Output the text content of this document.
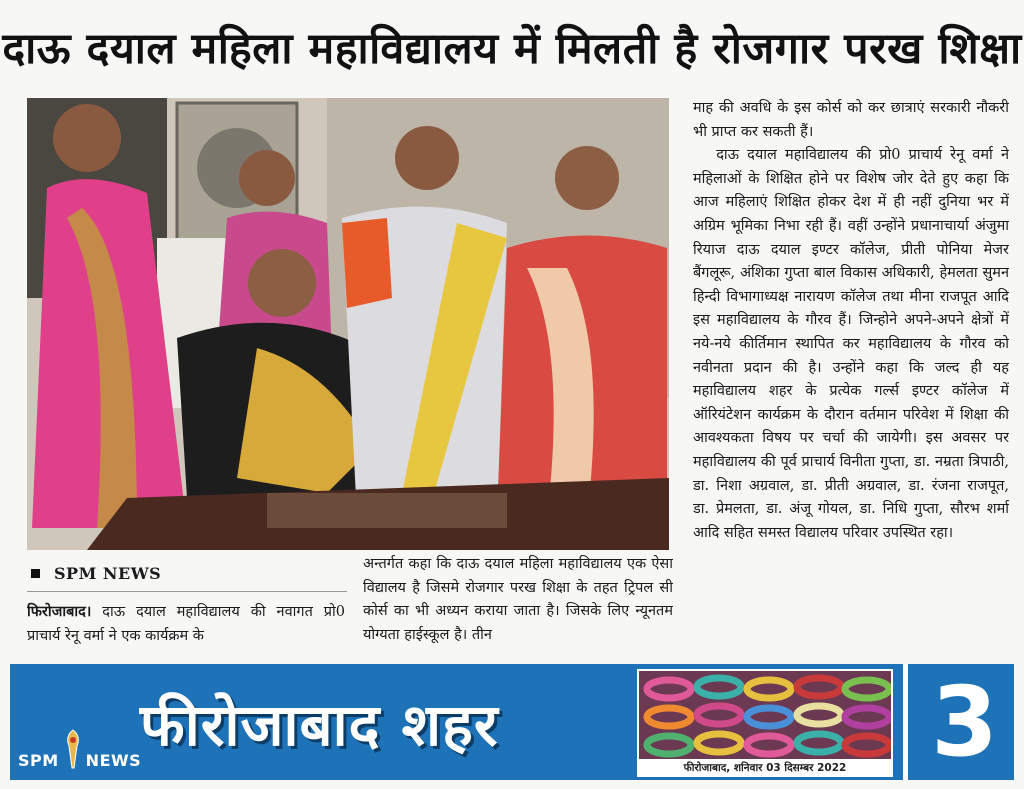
दाऊ दयाल महिला महाविद्यालय में मिलती है रोजगार परख शिक्षा

माह की अवधि के इस कोर्स को कर छात्राएं सरकारी नौकरी भी प्राप्त कर सकती हैं।

दाऊ दयाल महाविद्यालय की प्रो0 प्राचार्य रेनू वर्मा ने महिलाओं के शिक्षित होने पर विशेष जोर देते हुए कहा कि आज महिलाएं शिक्षित होकर देश में ही नहीं दुनिया भर में अग्रिम भूमिका निभा रही हैं। वहीं उन्होंने प्रधानाचार्या अंजुमा रियाज दाऊ दयाल इण्टर कॉलेज, प्रीती पोनिया मेजर बैंगलूरू, अंशिका गुप्ता बाल विकास अधिकारी, हेमलता सुमन हिन्दी विभागाध्यक्ष नारायण कॉलेज तथा मीना राजपूत आदि इस महाविद्यालय के गौरव हैं। जिन्होने अपने-अपने क्षेत्रों में नये-नये कीर्तिमान स्थापित कर महाविद्यालय के गौरव को नवीनता प्रदान की है। उन्होंने कहा कि जल्द ही यह महाविद्यालय शहर के प्रत्येक गर्ल्स इण्टर कॉलेज में ऑरियंटेशन कार्यक्रम के दौरान वर्तमान परिवेश में शिक्षा की आवश्यकता विषय पर चर्चा की जायेगी। इस अवसर पर महाविद्यालय की पूर्व प्राचार्य विनीता गुप्ता, डा. नम्रता त्रिपाठी, डा. निशा अग्रवाल, डा. प्रीती अग्रवाल, डा. रंजना राजपूत, डा. प्रेमलता, डा. अंजू गोयल, डा. निधि गुप्ता, सौरभ शर्मा आदि सहित समस्त विद्यालय परिवार उपस्थित रहा।

SPM NEWS

फिरोजाबाद। दाऊ दयाल महाविद्यालय की नवागत प्रो0 प्राचार्य रेनू वर्मा ने एक कार्यक्रम के

अन्तर्गत कहा कि दाऊ दयाल महिला महाविद्यालय एक ऐसा विद्यालय है जिसमे रोजगार परख शिक्षा के तहत ट्रिपल सी कोर्स का भी अध्यन कराया जाता है। जिसके लिए न्यूनतम योग्यता हाईस्कूल है। तीन

SPM NEWS
फीरोजाबाद शहर
फीरोजाबाद, शनिवार 03 दिसम्बर 2022 3
